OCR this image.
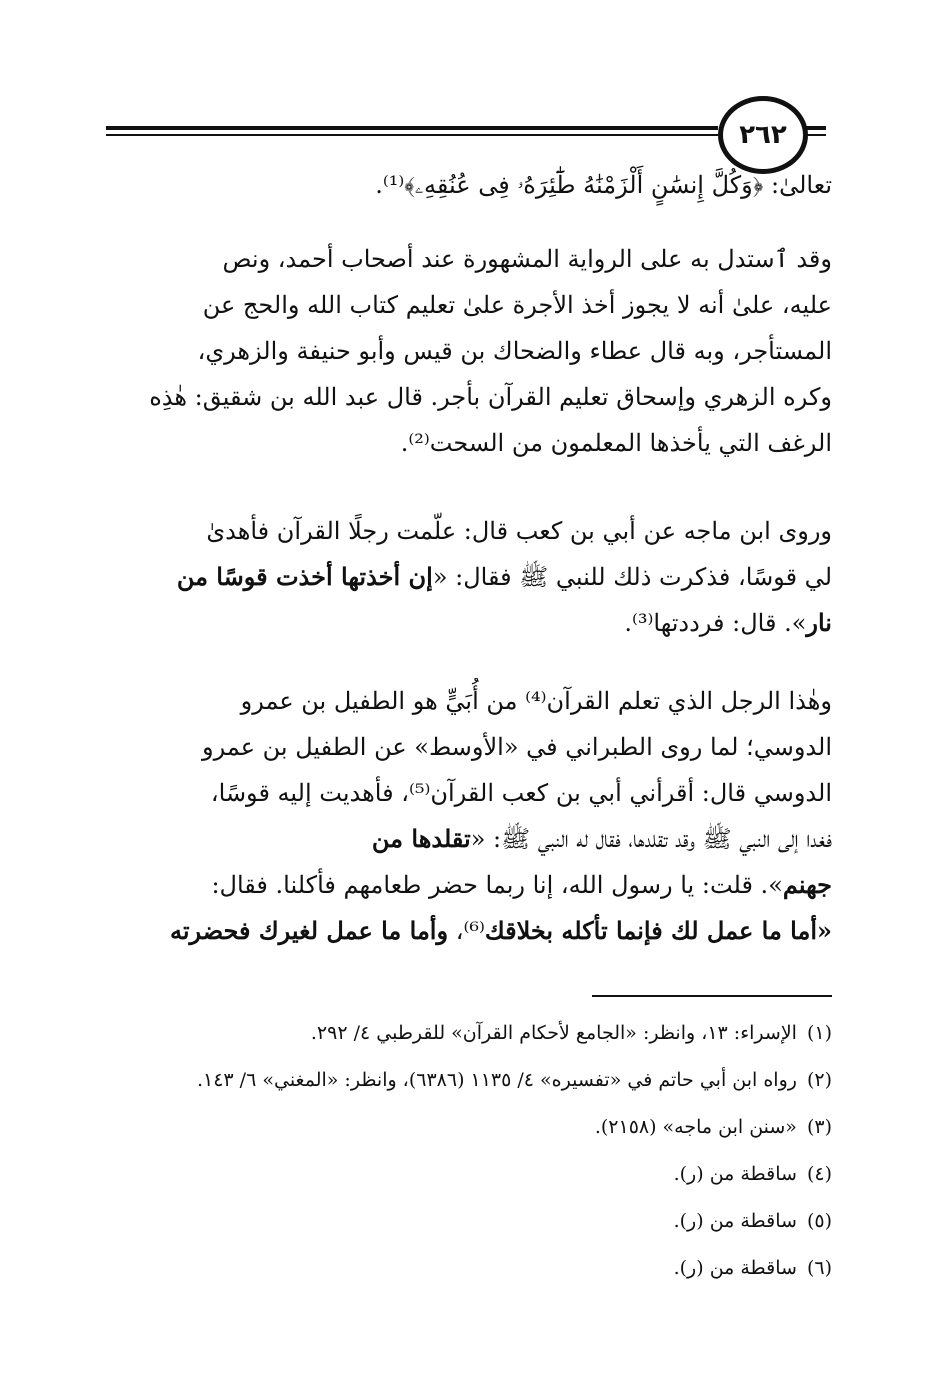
٢٦٢
تعالىٰ: ﴿وَكُلَّ إِنسَٰنٍ أَلْزَمْنَٰهُ طَٰٓئِرَهُۥ فِى عُنُقِهِۦ﴾⁽¹⁾.
وقد ٱستدل به على الرواية المشهورة عند أصحاب أحمد، ونص
عليه، علىٰ أنه لا يجوز أخذ الأجرة علىٰ تعليم كتاب الله والحج عن
المستأجر، وبه قال عطاء والضحاك بن قيس وأبو حنيفة والزهري،
وكره الزهري وإسحاق تعليم القرآن بأجر. قال عبد الله بن شقيق: هٰذِه
الرغف التي يأخذها المعلمون من السحت⁽²⁾.
وروى ابن ماجه عن أبي بن كعب قال: علّمت رجلًا القرآن فأهدىٰ
لي قوسًا، فذكرت ذلك للنبي ﷺ فقال: «إن أخذتها أخذت قوسًا من
نار». قال: فرددتها⁽³⁾.
وهٰذا الرجل الذي تعلم القرآن⁽⁴⁾ من أُبَيٍّ هو الطفيل بن عمرو
الدوسي؛ لما روى الطبراني في «الأوسط» عن الطفيل بن عمرو
الدوسي قال: أقرأني أبي بن كعب القرآن⁽⁵⁾، فأهديت إليه قوسًا،
فغدا إلى النبي ﷺ وقد تقلدها، فقال له النبي ﷺ: «تقلدها من
جهنم». قلت: يا رسول الله، إنا ربما حضر طعامهم فأكلنا. فقال:
«أما ما عمل لك فإنما تأكله بخلاقك⁽⁶⁾، وأما ما عمل لغيرك فحضرته
(١)الإسراء: ١٣، وانظر: «الجامع لأحكام القرآن» للقرطبي ٤/ ٢٩٢.
(٢)رواه ابن أبي حاتم في «تفسيره» ٤/ ١١٣٥ (٦٣٨٦)، وانظر: «المغني» ٦/ ١٤٣.
(٣)«سنن ابن ماجه» (٢١٥٨).
(٤)ساقطة من (ر).
(٥)ساقطة من (ر).
(٦)ساقطة من (ر).
